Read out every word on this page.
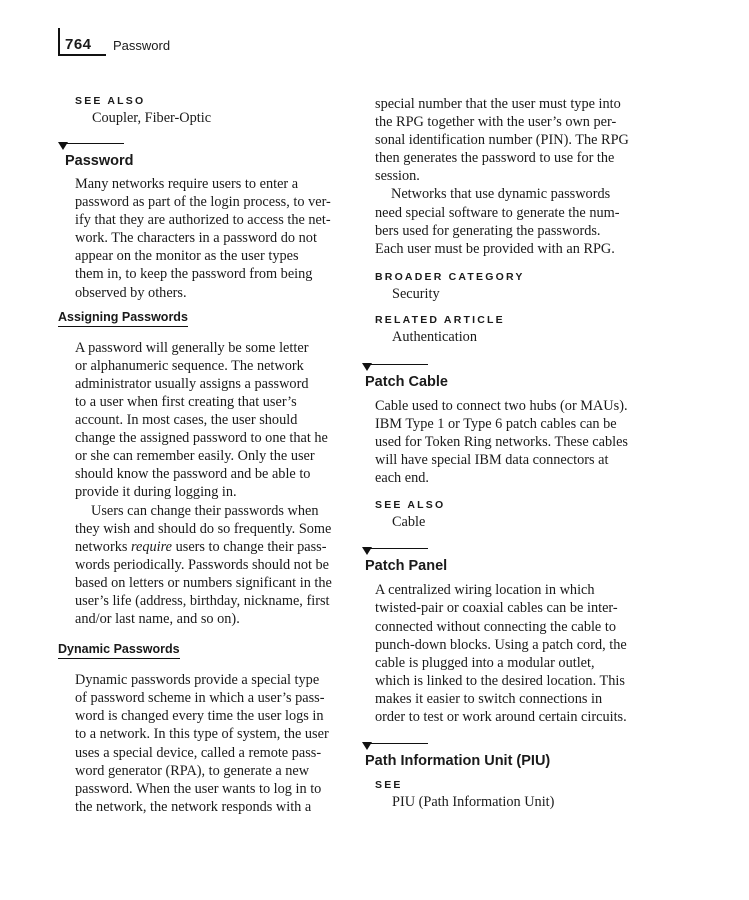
764 Password

SEE ALSO

Coupler, Fiber-Optic

Password

Many networks require users to enter a

password as part of the login process, to ver-

ify that they are authorized to access the net-

work. The characters in a password do not

appear on the monitor as the user types

them in, to keep the password from being

observed by others.

Assigning Passwords

A password will generally be some letter

or alphanumeric sequence. The network

administrator usually assigns a password

to a user when first creating that user’s

account. In most cases, the user should

change the assigned password to one that he

or she can remember easily. Only the user

should know the password and be able to

provide it during logging in.

Users can change their passwords when

they wish and should do so frequently. Some

networks require users to change their pass-

words periodically. Passwords should not be

based on letters or numbers significant in the

user’s life (address, birthday, nickname, first

and/or last name, and so on).

Dynamic Passwords

Dynamic passwords provide a special type

of password scheme in which a user’s pass-

word is changed every time the user logs in

to a network. In this type of system, the user

uses a special device, called a remote pass-

word generator (RPA), to generate a new

password. When the user wants to log in to

the network, the network responds with a

special number that the user must type into

the RPG together with the user’s own per-

sonal identification number (PIN). The RPG

then generates the password to use for the

session.

Networks that use dynamic passwords

need special software to generate the num-

bers used for generating the passwords.

Each user must be provided with an RPG.

BROADER CATEGORY

Security

RELATED ARTICLE

Authentication

Patch Cable

Cable used to connect two hubs (or MAUs).

IBM Type 1 or Type 6 patch cables can be

used for Token Ring networks. These cables

will have special IBM data connectors at

each end.

SEE ALSO

Cable

Patch Panel

A centralized wiring location in which

twisted-pair or coaxial cables can be inter-

connected without connecting the cable to

punch-down blocks. Using a patch cord, the

cable is plugged into a modular outlet,

which is linked to the desired location. This

makes it easier to switch connections in

order to test or work around certain circuits.

Path Information Unit (PIU)

SEE

PIU (Path Information Unit)
